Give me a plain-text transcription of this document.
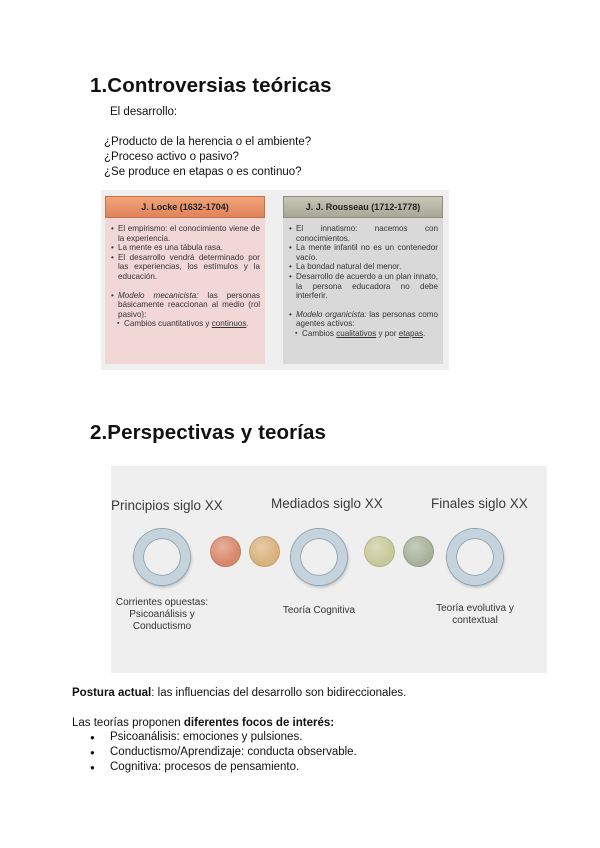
1.Controversias teóricas
El desarrollo:
¿Producto de la herencia o el ambiente?
¿Proceso activo o pasivo?
¿Se produce en etapas o es continuo?
J. Locke (1632-1704)
• El empirismo: el conocimiento viene de la experiencia.
• La mente es una tábula rasa.
• El desarrollo vendrá determinado por las experiencias, los estímulos y la educación.
• Modelo mecanicista: las personas básicamente reaccionan al medio (rol pasivo):
▪ Cambios cuantitativos y continuos.
J. J. Rousseau (1712-1778)
• El innatismo: nacemos con conocimientos.
• La mente infantil no es un contenedor vacío.
• La bondad natural del menor.
• Desarrollo de acuerdo a un plan innato, la persona educadora no debe interferir.
• Modelo organicista: las personas como agentes activos:
▪ Cambios cualitativos y por etapas.
2.Perspectivas y teorías
Principios siglo XX	Mediados siglo XX	Finales siglo XX
Corrientes opuestas:
Psicoanálisis y
Conductismo
Teoría Cognitiva	Teoría evolutiva y
contextual
Postura actual: las influencias del desarrollo son bidireccionales.
Las teorías proponen diferentes focos de interés:
● Psicoanálisis: emociones y pulsiones.
● Conductismo/Aprendizaje: conducta observable.
● Cognitiva: procesos de pensamiento.
